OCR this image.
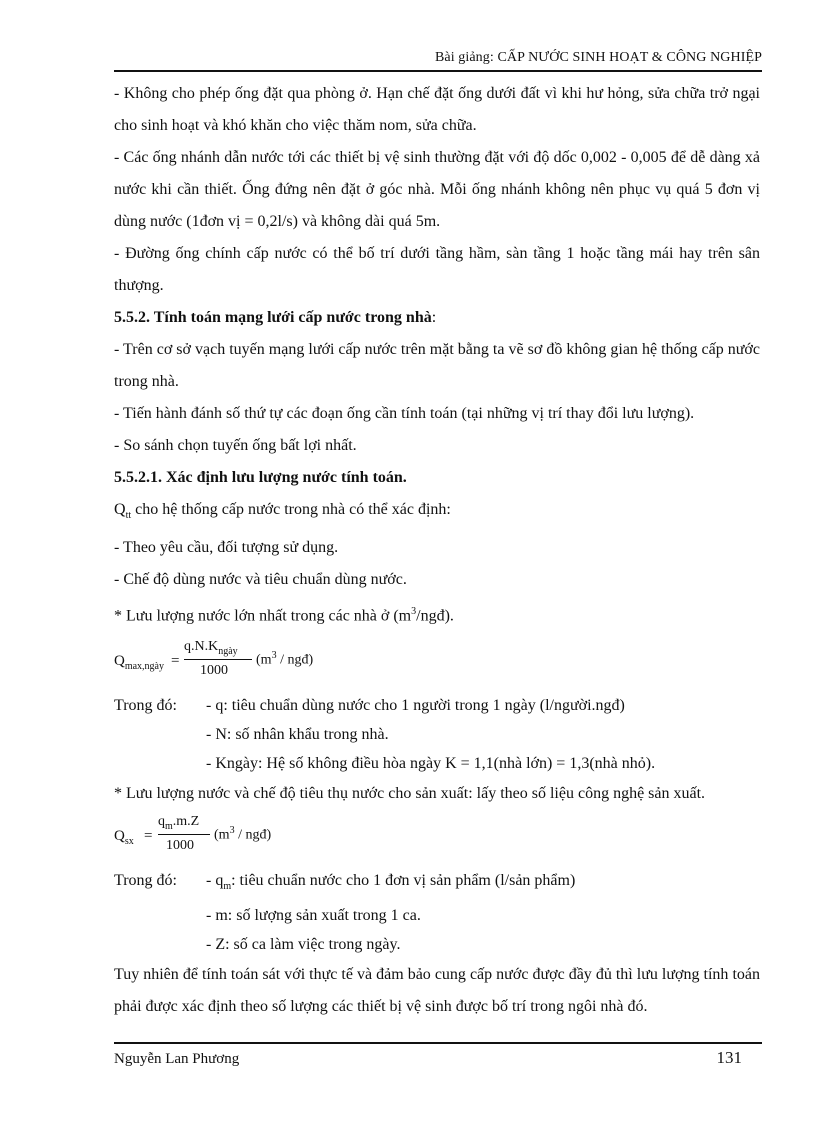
Bài giảng: CẤP NƯỚC SINH HOẠT & CÔNG NGHIỆP

- Không cho phép ống đặt qua phòng ở. Hạn chế đặt ống dưới đất vì khi hư hỏng, sửa chữa trở ngại cho sinh hoạt và khó khăn cho việc thăm nom, sửa chữa.

- Các ống nhánh dẫn nước tới các thiết bị vệ sinh thường đặt với độ dốc 0,002 - 0,005 để dễ dàng xả nước khi cần thiết. Ống đứng nên đặt ở góc nhà. Mỗi ống nhánh không nên phục vụ quá 5 đơn vị dùng nước (1đơn vị = 0,2l/s) và không dài quá 5m.

- Đường ống chính cấp nước có thể bố trí dưới tầng hầm, sàn tầng 1 hoặc tầng mái hay trên sân thượng.

5.5.2. Tính toán mạng lưới cấp nước trong nhà:

- Trên cơ sở vạch tuyến mạng lưới cấp nước trên mặt bằng ta vẽ sơ đồ không gian hệ thống cấp nước trong nhà.

- Tiến hành đánh số thứ tự các đoạn ống cần tính toán (tại những vị trí thay đổi lưu lượng).

- So sánh chọn tuyến ống bất lợi nhất.

5.5.2.1. Xác định lưu lượng nước tính toán.

$Q_{tt}$ cho hệ thống cấp nước trong nhà có thể xác định:

- Theo yêu cầu, đối tượng sử dụng.

- Chế độ dùng nước và tiêu chuẩn dùng nước.

* Lưu lượng nước lớn nhất trong các nhà ở $(m^3/ngđ)$.

$Q_{max,ngày}$ =
$q.N.K_{ngày}$
1000
($m^3$ / ngđ)
Trong đó:	- q: tiêu chuẩn dùng nước cho 1 người trong 1 ngày (l/người.ngđ)
- N: số nhân khẩu trong nhà.
- Kngày: Hệ số không điều hòa ngày K = 1,1(nhà lớn) = 1,3(nhà nhỏ).

* Lưu lượng nước và chế độ tiêu thụ nước cho sản xuất: lấy theo số liệu công nghệ sản xuất.

$Q_{sx}$ =
$q_m.m.Z$
1000
($m^3$ / ngđ)
Trong đó:	- $q_m$: tiêu chuẩn nước cho 1 đơn vị sản phẩm (l/sản phẩm)
- m: số lượng sản xuất trong 1 ca.
- Z: số ca làm việc trong ngày.

Tuy nhiên để tính toán sát với thực tế và đảm bảo cung cấp nước được đầy đủ thì lưu lượng tính toán phải được xác định theo số lượng các thiết bị vệ sinh được bố trí trong ngôi nhà đó.

Nguyễn Lan Phương	131
